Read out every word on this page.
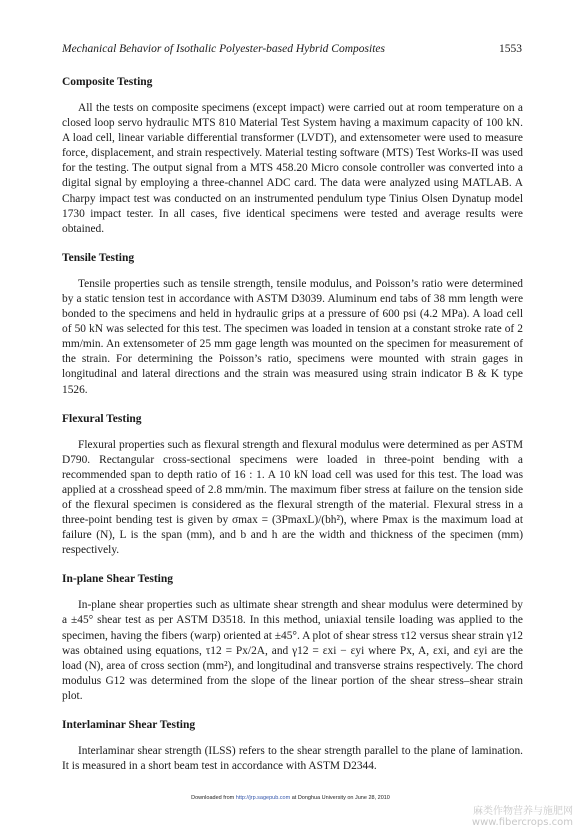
Mechanical Behavior of Isothalic Polyester-based Hybrid Composites	1553
Composite Testing

All the tests on composite specimens (except impact) were carried out at room temperature on a closed loop servo hydraulic MTS 810 Material Test System having a maximum capacity of 100 kN. A load cell, linear variable differential transformer (LVDT), and extensometer were used to measure force, displacement, and strain respectively. Material testing software (MTS) Test Works-II was used for the testing. The output signal from a MTS 458.20 Micro console controller was converted into a digital signal by employing a three-channel ADC card. The data were analyzed using MATLAB. A Charpy impact test was conducted on an instrumented pendulum type Tinius Olsen Dynatup model 1730 impact tester. In all cases, five identical specimens were tested and average results were obtained.

Tensile Testing

Tensile properties such as tensile strength, tensile modulus, and Poisson’s ratio were determined by a static tension test in accordance with ASTM D3039. Aluminum end tabs of 38 mm length were bonded to the specimens and held in hydraulic grips at a pressure of 600 psi (4.2 MPa). A load cell of 50 kN was selected for this test. The specimen was loaded in tension at a constant stroke rate of 2 mm/min. An extensometer of 25 mm gage length was mounted on the specimen for measurement of the strain. For determining the Poisson’s ratio, specimens were mounted with strain gages in longitudinal and lateral directions and the strain was measured using strain indicator B & K type 1526.

Flexural Testing

Flexural properties such as flexural strength and flexural modulus were determined as per ASTM D790. Rectangular cross-sectional specimens were loaded in three-point bending with a recommended span to depth ratio of 16 : 1. A 10 kN load cell was used for this test. The load was applied at a crosshead speed of 2.8 mm/min. The maximum fiber stress at failure on the tension side of the flexural specimen is considered as the flexural strength of the material. Flexural stress in a three-point bending test is given by σmax = (3PmaxL)/(bh²), where Pmax is the maximum load at failure (N), L is the span (mm), and b and h are the width and thickness of the specimen (mm) respectively.

In-plane Shear Testing

In-plane shear properties such as ultimate shear strength and shear modulus were determined by a ±45° shear test as per ASTM D3518. In this method, uniaxial tensile loading was applied to the specimen, having the fibers (warp) oriented at ±45°. A plot of shear stress τ12 versus shear strain γ12 was obtained using equations, τ12 = Px/2A, and γ12 = εxi − εyi where Px, A, εxi, and εyi are the load (N), area of cross section (mm²), and longitudinal and transverse strains respectively. The chord modulus G12 was determined from the slope of the linear portion of the shear stress–shear strain plot.

Interlaminar Shear Testing

Interlaminar shear strength (ILSS) refers to the shear strength parallel to the plane of lamination. It is measured in a short beam test in accordance with ASTM D2344.

Downloaded from http://jrp.sagepub.com at Donghua University on June 28, 2010
麻类作物营养与施肥网
www.fibercrops.com
